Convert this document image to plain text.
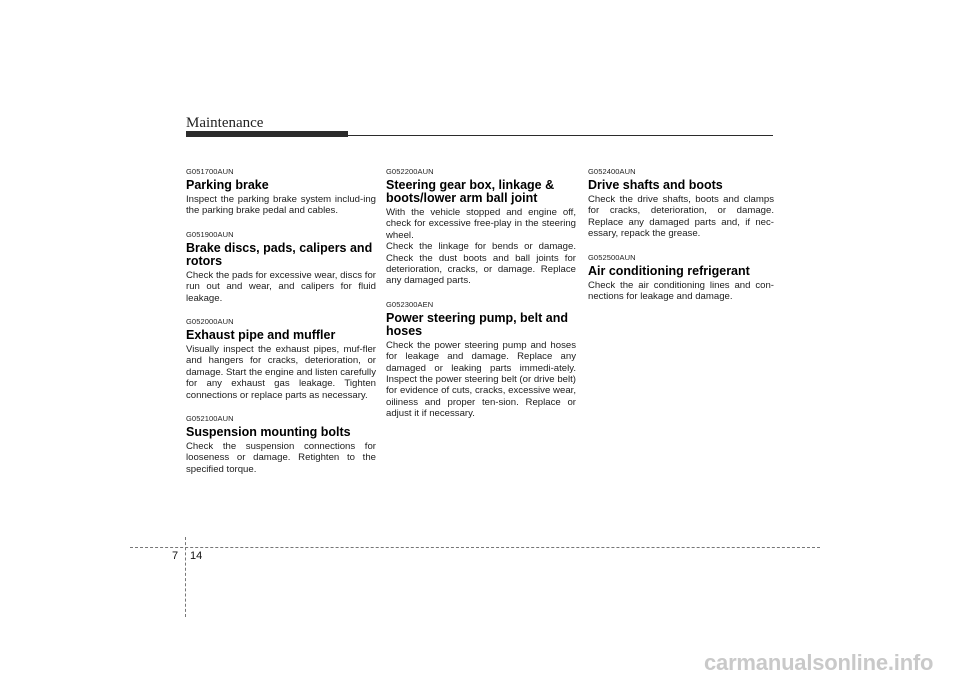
Maintenance
G051700AUN
Parking brake

Inspect the parking brake system includ-ing the parking brake pedal and cables.

G051900AUN
Brake discs, pads, calipers and rotors

Check the pads for excessive wear, discs for run out and wear, and calipers for fluid leakage.

G052000AUN
Exhaust pipe and muffler

Visually inspect the exhaust pipes, muf-fler and hangers for cracks, deterioration, or damage. Start the engine and listen carefully for any exhaust gas leakage. Tighten connections or replace parts as necessary.

G052100AUN
Suspension mounting bolts

Check the suspension connections for looseness or damage. Retighten to the specified torque.

G052200AUN
Steering gear box, linkage & boots/lower arm ball joint

With the vehicle stopped and engine off, check for excessive free-play in the steering wheel.

Check the linkage for bends or damage. Check the dust boots and ball joints for deterioration, cracks, or damage. Replace any damaged parts.

G052300AEN
Power steering pump, belt and hoses

Check the power steering pump and hoses for leakage and damage. Replace any damaged or leaking parts immedi-ately. Inspect the power steering belt (or drive belt) for evidence of cuts, cracks, excessive wear, oiliness and proper ten-sion. Replace or adjust it if necessary.

G052400AUN
Drive shafts and boots

Check the drive shafts, boots and clamps for cracks, deterioration, or damage. Replace any damaged parts and, if nec-essary, repack the grease.

G052500AUN
Air conditioning refrigerant

Check the air conditioning lines and con-nections for leakage and damage.

7 14
carmanualsonline.info
